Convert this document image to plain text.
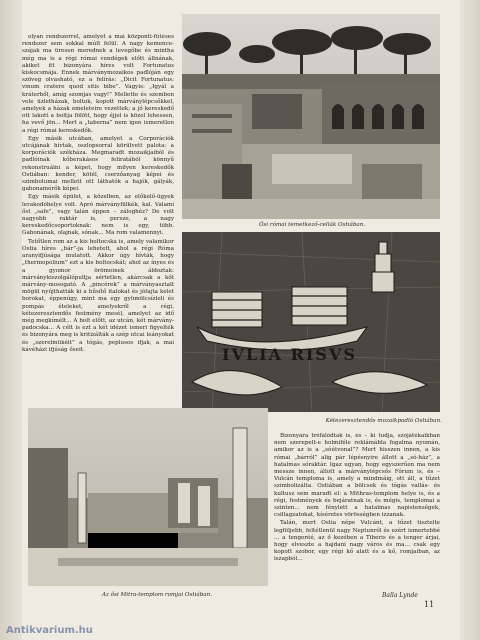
olyan rendszerrel, amelyet a mai központi-fűtéses rendszer sem sokkal múlt felül. A nagy kemence-szájak ma üresen merednek a levegőbe és mintha még ma is a régi római vendégek előtt állnának, akiket itt bizonyára híres volt Fortunatus kiskocsmája. Ennek márványmozaikos padlóján egy szöveg olvasható, ez a felírás: „Dicit Fortunatus: vinum cratere quod sitis bibe”. Vagyis: „Igyál a kráterből, amíg szomjas vagy!” Mellette és szemben vele üzletházak, boltok, kopott márványlépcsőkkel, amelyek a házak emeleteire vezettek; a jó kereskedő ott lakott a boltja fölött, hogy éjjel is közel lehessen, ha vevő jön... Mert a „taberna” nem igen ismeretlen a régi római kereskedők.

Egy másik utcában, amelyet a Corporációk utcájának hívtak, oszlopsorral körülvett palota: a korporációk székháza. Megmaradt mozaikjaiból és padlóinak kőberakásos feliratából könnyű rekonstruálni a képet, hogy milyen kereskedők Ostiában: kender, kötél, cserzőanyag képei és szimbolumai mellett ott láthatók a hajók, gályák, gabonamérők képei.

Egy másik épület, a közelben, az előkelő-ügyek lerakodóhelye volt. Apró márványfülkék, kal. Valami őst „safe”, vagy talán éppen – záloghéz? De volt nagyobb raktár is, persze, a nagy kereskedőcsoportoknak: nem is egy, több. Gabonának, olajnak, sónak... Ma rom valamennyi.

Tetőtlen rom az a kis boltocska is, amely valamikor Ostia híres „bár”-ja lehetett, ahol a régi Róma aranyifjúsága mulatott. Akkor úgy hívták, hogy „thermopolium” ezt a kis boltocskát; ahol az ínyes és a gyomor örömeinek áldoztak: márványkiszolgálópultja sértetlen, akárcsak a kőt márvány-mosogató. A „pincérek” a márványasztalt mögül nyújthatták ki a hűsítő italokat és jófajta kelet borokat, éppenúgy, mint ma egy gyümölcsízleli és pompás ételeket, amelyekről a régi, kétezeresztendős festmény mesél, amelyet az idő még megkímélt... A bolt előtt, az utcán, két márvány-padocska... A célt is ezt a két idézet ismeri figyelték és bizonyára meg is kritizálták a szép utcai leányokat és „szerelmükéit” a tógás, peplusos ifjak, a mai kávéházi ifjúság őseit.

Ősi római temetkező-cellák Ostiában.
IVLIA RISVS
Kétezeresztendős mozaikpadló Ostiában.
Az ősi Mitra-templom romjai Ostiában.

Bizonyára tréfálódtak is, és – ki tudja, szójátékaikban nem szerepelt-e holmiféle reklámábla fogalma nyomán, amikor az is a „sóútvonal”? Mert hisszen innen, a kis római „bárról” alig pár lépésnyire állott a „só-ház”, a hatalmas sóraktár. Igaz ugyan, hogy egyszerűen ma nem messze innen, állott a márványlépcsős Fórum is, és – Vulcán temploma is, amely a mindmáig, ott áll, a tűzet szimbolizálta. Ostiában a bölcsek és tógás vallás- és kultusz sem maradt el: a Mithras-templom helye is, és a régi, festmények és bejáratnak is, és mégis, templomai a szinten... nem fénylett a hatalmas napistenségek, csillagzatokat, kíséretes vörösségben izzanak.

Talán, mert Ostia népe Vulcánt, a tűzet tisztelte legföljebb, feltétlenül nagy Neptunról és ezért ismertebbé ... a tengeréé, az ő kezében a Tiberis és a tenger árjai, hogy elveszte a hajdani nagy város és ma... csak egy kopott szobor, egy régi kő alatt és a kő, romjaiban, az iszapból...

Balla Lynde
11
Antikvarium.hu
